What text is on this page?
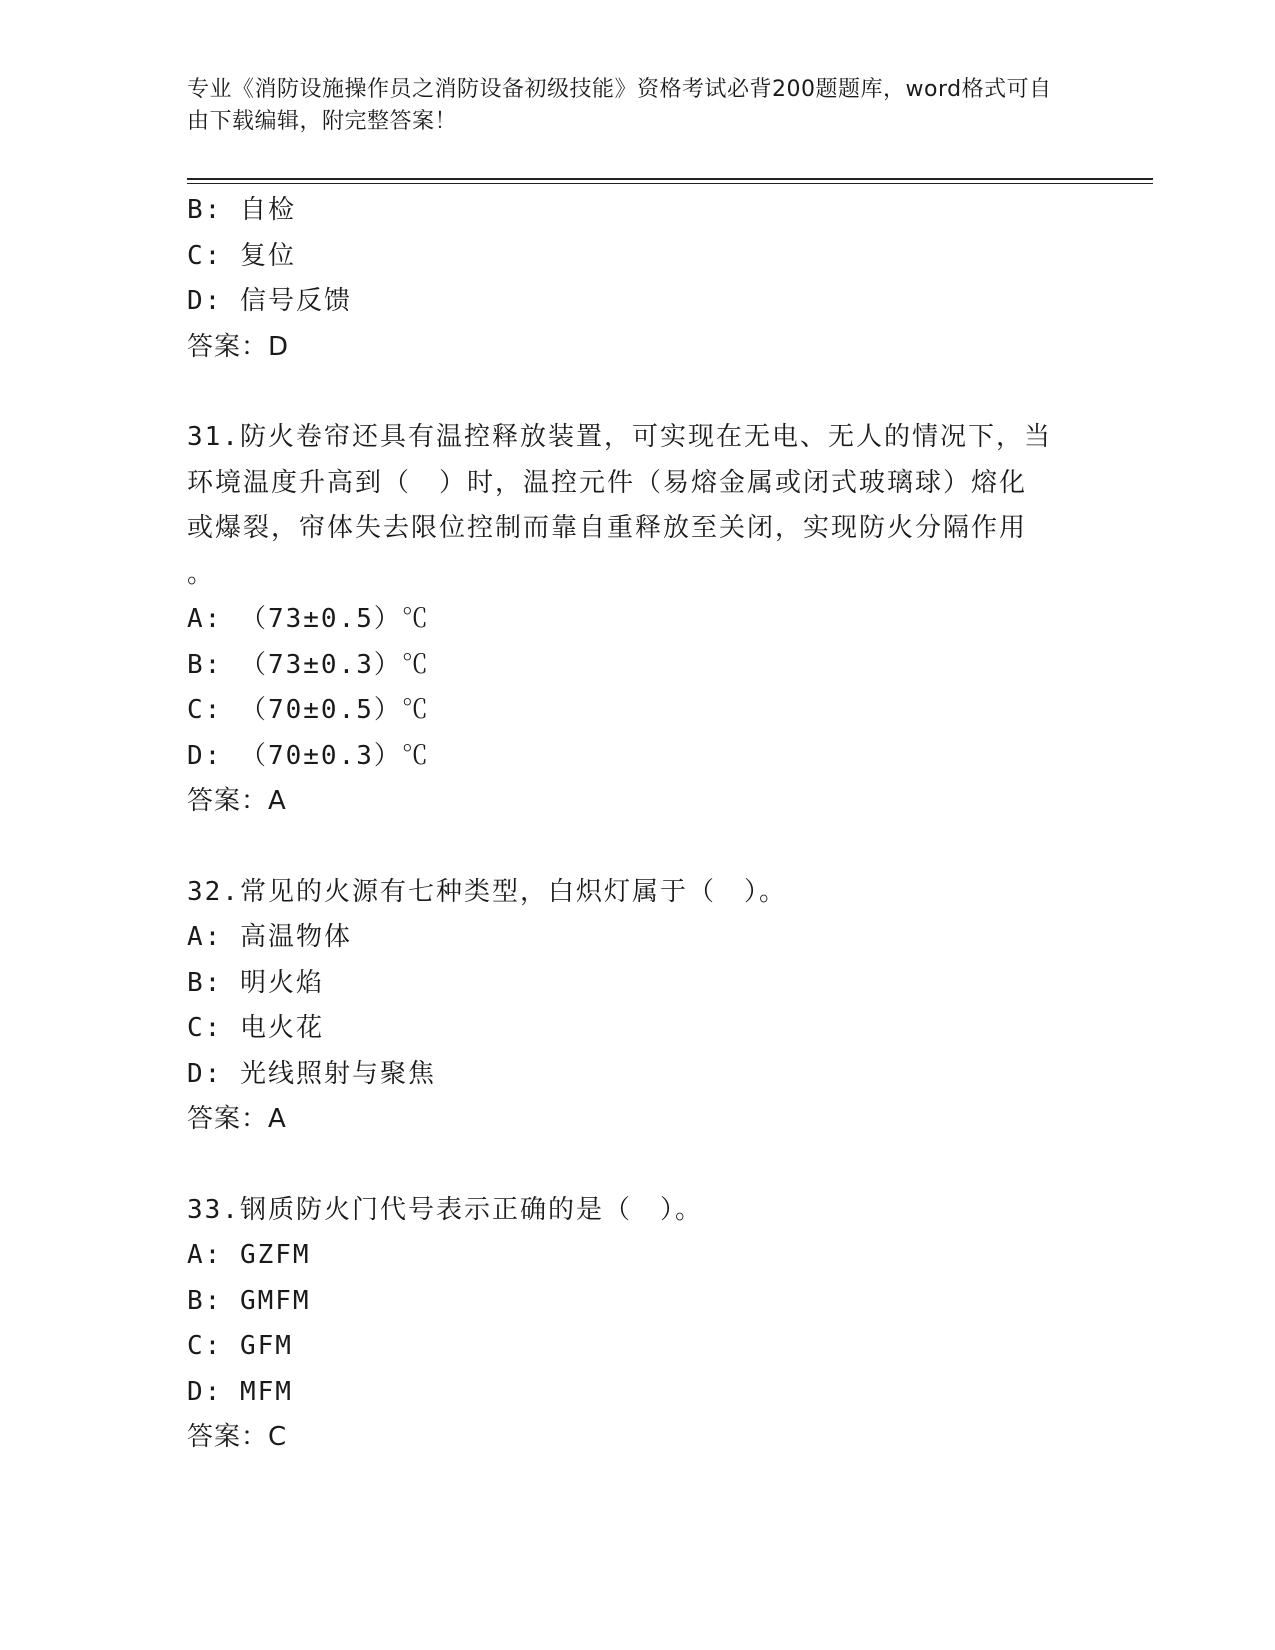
专业《消防设施操作员之消防设备初级技能》资格考试必背200题题库，word格式可自由下载编辑，附完整答案！
B: 自检
C: 复位
D: 信号反馈
答案：D
31.防火卷帘还具有温控释放装置，可实现在无电、无人的情况下，当
环境温度升高到（　）时，温控元件（易熔金属或闭式玻璃球）熔化
或爆裂，帘体失去限位控制而靠自重释放至关闭，实现防火分隔作用
。
A: （73±0.5）℃
B: （73±0.3）℃
C: （70±0.5）℃
D: （70±0.3）℃
答案：A
32.常见的火源有七种类型，白炽灯属于（　）。
A: 高温物体
B: 明火焰
C: 电火花
D: 光线照射与聚焦
答案：A
33.钢质防火门代号表示正确的是（　）。
A: GZFM
B: GMFM
C: GFM
D: MFM
答案：C
